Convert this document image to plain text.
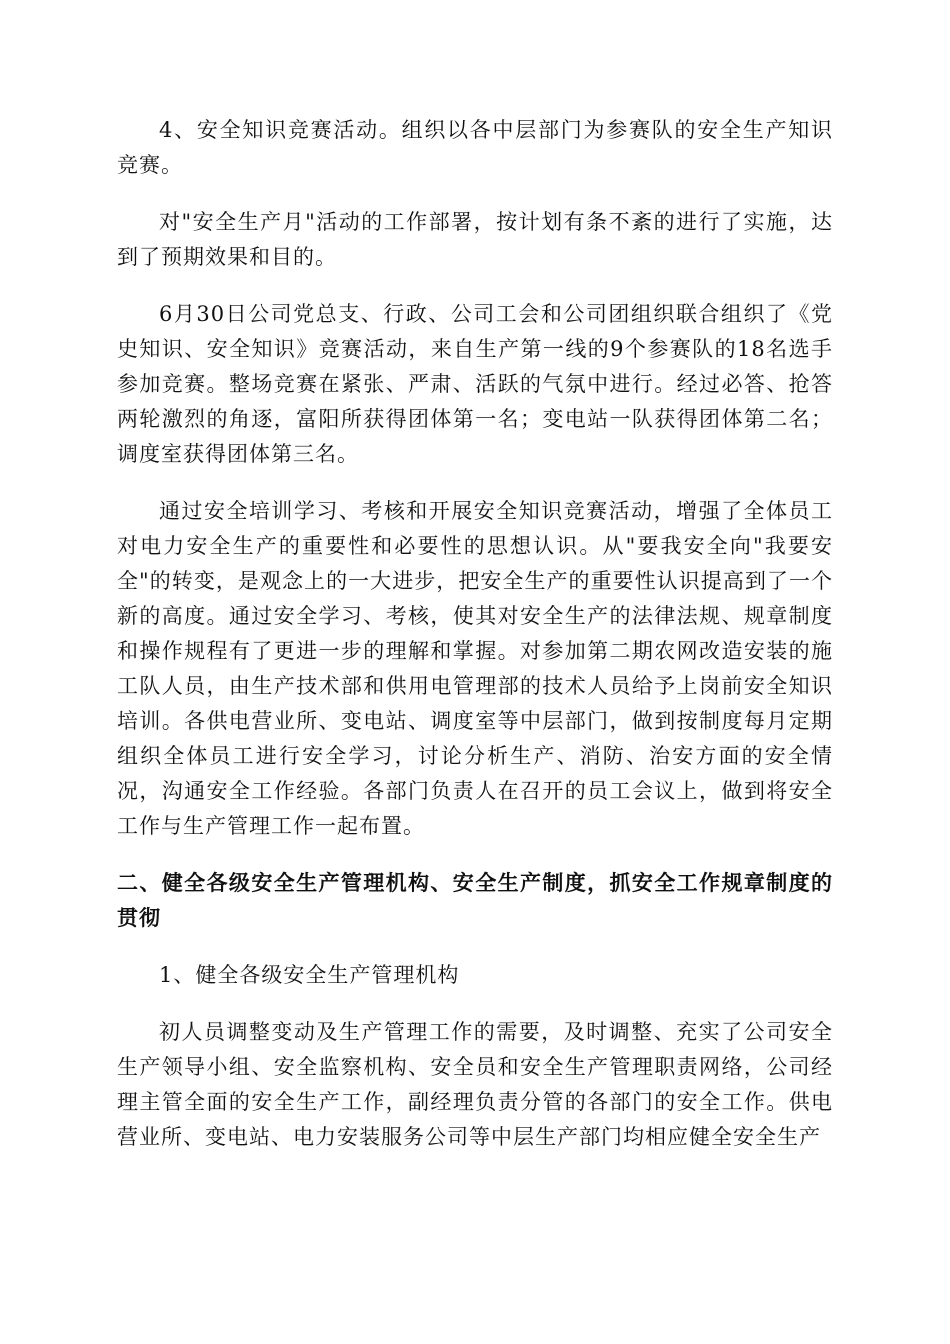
4、安全知识竞赛活动。组织以各中层部门为参赛队的安全生产知识竞赛。

对"安全生产月"活动的工作部署，按计划有条不紊的进行了实施，达到了预期效果和目的。

6月30日公司党总支、行政、公司工会和公司团组织联合组织了《党史知识、安全知识》竞赛活动，来自生产第一线的9个参赛队的18名选手参加竞赛。整场竞赛在紧张、严肃、活跃的气氛中进行。经过必答、抢答两轮激烈的角逐，富阳所获得团体第一名；变电站一队获得团体第二名；调度室获得团体第三名。

通过安全培训学习、考核和开展安全知识竞赛活动，增强了全体员工对电力安全生产的重要性和必要性的思想认识。从"要我安全向"我要安全"的转变，是观念上的一大进步，把安全生产的重要性认识提高到了一个新的高度。通过安全学习、考核，使其对安全生产的法律法规、规章制度和操作规程有了更进一步的理解和掌握。对参加第二期农网改造安装的施工队人员，由生产技术部和供用电管理部的技术人员给予上岗前安全知识培训。各供电营业所、变电站、调度室等中层部门，做到按制度每月定期组织全体员工进行安全学习，讨论分析生产、消防、治安方面的安全情况，沟通安全工作经验。各部门负责人在召开的员工会议上，做到将安全工作与生产管理工作一起布置。

二、健全各级安全生产管理机构、安全生产制度，抓安全工作规章制度的贯彻

1、健全各级安全生产管理机构

初人员调整变动及生产管理工作的需要，及时调整、充实了公司安全生产领导小组、安全监察机构、安全员和安全生产管理职责网络，公司经理主管全面的安全生产工作，副经理负责分管的各部门的安全工作。供电营业所、变电站、电力安装服务公司等中层生产部门均相应健全安全生产
